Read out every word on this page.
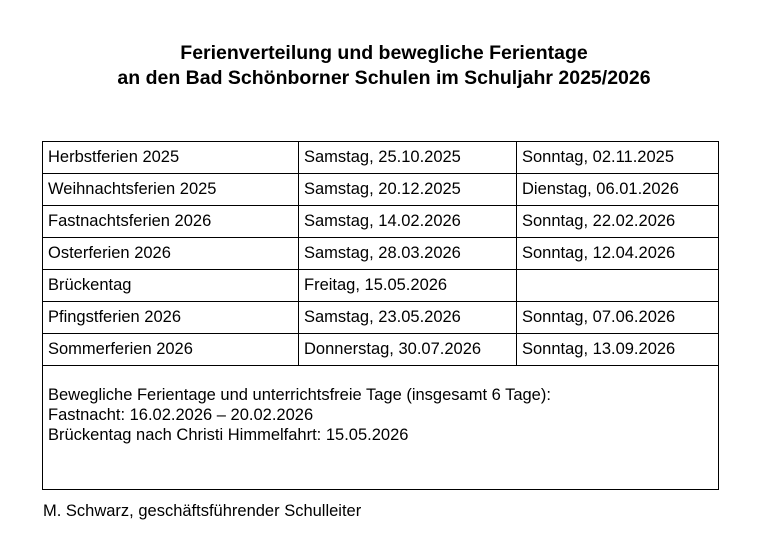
Ferienverteilung und bewegliche Ferientage
an den Bad Schönborner Schulen im Schuljahr 2025/2026
Herbstferien 2025	Samstag, 25.10.2025	Sonntag, 02.11.2025
Weihnachtsferien 2025	Samstag, 20.12.2025	Dienstag, 06.01.2026
Fastnachtsferien 2026	Samstag, 14.02.2026	Sonntag, 22.02.2026
Osterferien 2026	Samstag, 28.03.2026	Sonntag, 12.04.2026
Brückentag	Freitag, 15.05.2026	
Pfingstferien 2026	Samstag, 23.05.2026	Sonntag, 07.06.2026
Sommerferien 2026	Donnerstag, 30.07.2026	Sonntag, 13.09.2026

Bewegliche Ferientage und unterrichtsfreie Tage (insgesamt 6 Tage):
Fastnacht: 16.02.2026 – 20.02.2026
Brückentag nach Christi Himmelfahrt: 15.05.2026		
M. Schwarz, geschäftsführender Schulleiter
